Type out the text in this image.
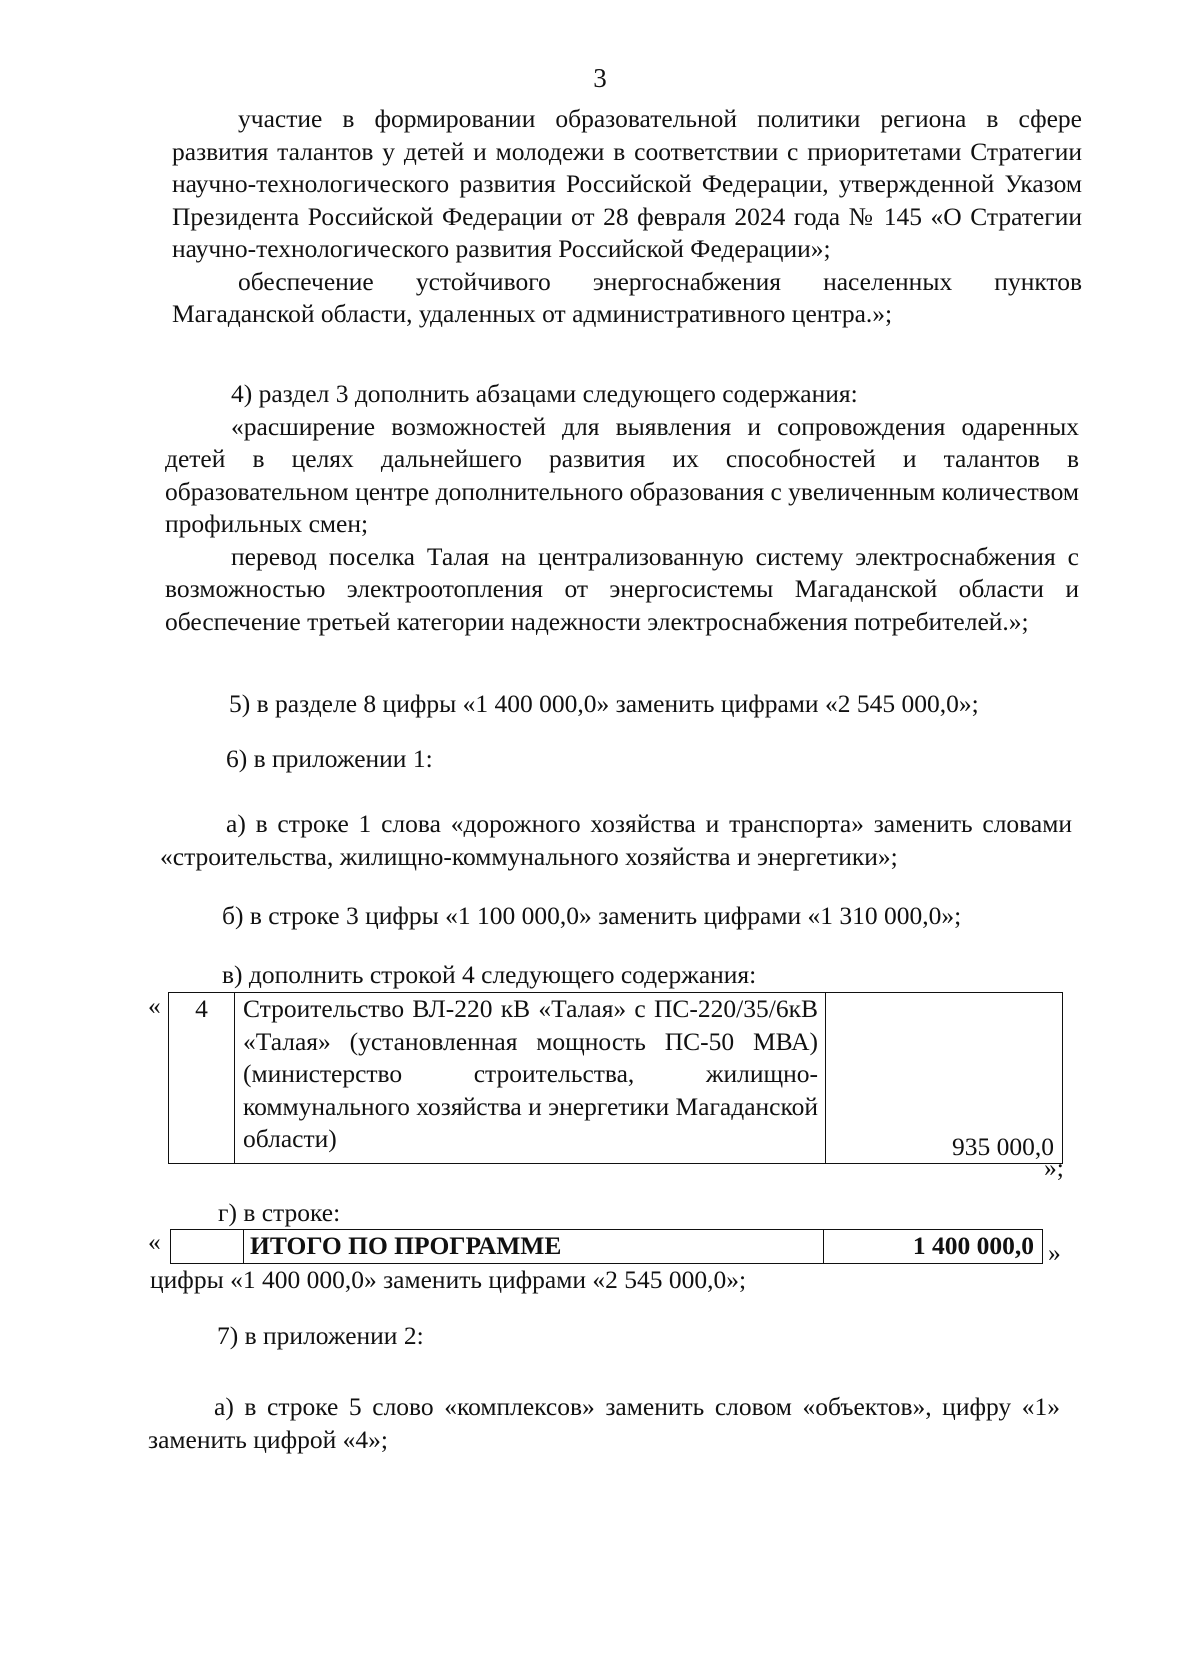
3

участие в формировании образовательной политики региона в сфере развития талантов у детей и молодежи в соответствии с приоритетами Стратегии научно-технологического развития Российской Федерации, утвержденной Указом Президента Российской Федерации от 28 февраля 2024 года № 145 «О Стратегии научно-технологического развития Российской Федерации»;

обеспечение устойчивого энергоснабжения населенных пунктов Магаданской области, удаленных от административного центра.»;

4) раздел 3 дополнить абзацами следующего содержания:

«расширение возможностей для выявления и сопровождения одаренных детей в целях дальнейшего развития их способностей и талантов в образовательном центре дополнительного образования с увеличенным количеством профильных смен;

перевод поселка Талая на централизованную систему электроснабжения с возможностью электроотопления от энергосистемы Магаданской области и обеспечение третьей категории надежности электроснабжения потребителей.»;

5) в разделе 8 цифры «1 400 000,0» заменить цифрами «2 545 000,0»;
6) в приложении 1:

а) в строке 1 слова «дорожного хозяйства и транспорта» заменить словами «строительства, жилищно-коммунального хозяйства и энергетики»;

б) в строке 3 цифры «1 100 000,0» заменить цифрами «1 310 000,0»;
в) дополнить строкой 4 следующего содержания:
« 4	Строительство ВЛ-220 кВ «Талая» с ПС-220/35/6кВ «Талая» (установленная мощность ПС-50 МВА) (министерство строительства, жилищно-коммунального хозяйства и энергетики Магаданской области)	935 000,0
»;
г) в строке:
«
		ИТОГО ПО ПРОГРАММЕ	1 400 000,0 »
цифры «1 400 000,0» заменить цифрами «2 545 000,0»;
7) в приложении 2:

а) в строке 5 слово «комплексов» заменить словом «объектов», цифру «1» заменить цифрой «4»;
